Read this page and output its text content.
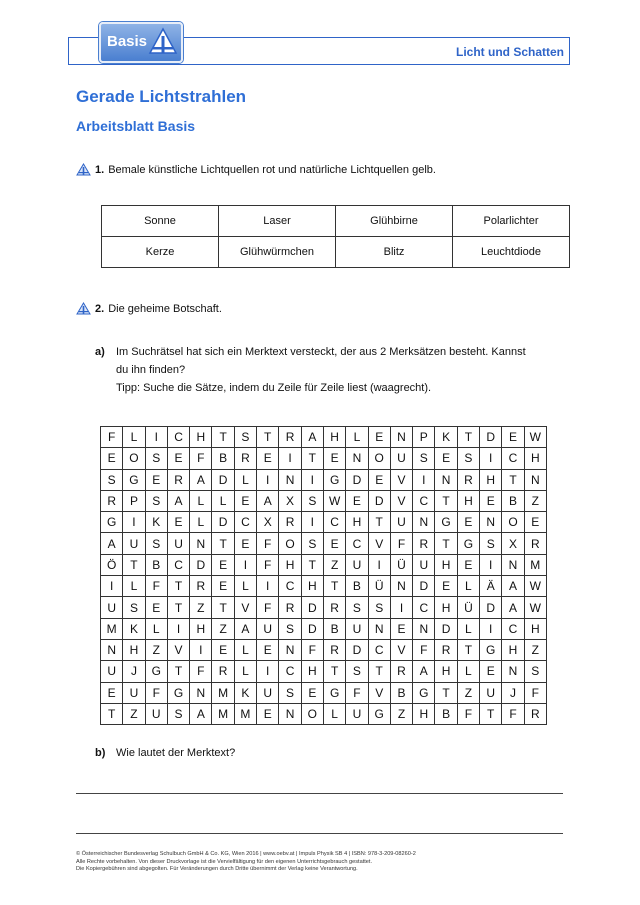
Basis
Licht und Schatten
Gerade Lichtstrahlen
Arbeitsblatt Basis
1. Bemale künstliche Lichtquellen rot und natürliche Lichtquellen gelb.
Sonne	Laser	Glühbirne	Polarlichter
Kerze	Glühwürmchen	Blitz	Leuchtdiode
2. Die geheime Botschaft.
a) Im Suchrätsel hat sich ein Merktext versteckt, der aus 2 Merksätzen besteht. Kannst
du ihn finden?
Tipp: Suche die Sätze, indem du Zeile für Zeile liest (waagrecht).
F	L	I	C	H	T	S	T	R	A	H	L	E	N	P	K	T	D	E	W
E	O	S	E	F	B	R	E	I	T	E	N	O	U	S	E	S	I	C	H
S	G	E	R	A	D	L	I	N	I	G	D	E	V	I	N	R	H	T	N
R	P	S	A	L	L	E	A	X	S	W	E	D	V	C	T	H	E	B	Z
G	I	K	E	L	D	C	X	R	I	C	H	T	U	N	G	E	N	O	E
A	U	S	U	N	T	E	F	O	S	E	C	V	F	R	T	G	S	X	R
Ö	T	B	C	D	E	I	F	H	T	Z	U	I	Ü	U	H	E	I	N	M
I	L	F	T	R	E	L	I	C	H	T	B	Ü	N	D	E	L	Ä	A	W
U	S	E	T	Z	T	V	F	R	D	R	S	S	I	C	H	Ü	D	A	W
M	K	L	I	H	Z	A	U	S	D	B	U	N	E	N	D	L	I	C	H
N	H	Z	V	I	E	L	E	N	F	R	D	C	V	F	R	T	G	H	Z
U	J	G	T	F	R	L	I	C	H	T	S	T	R	A	H	L	E	N	S
E	U	F	G	N	M	K	U	S	E	G	F	V	B	G	T	Z	U	J	F
T	Z	U	S	A	M	M	E	N	O	L	U	G	Z	H	B	F	T	F	R
b) Wie lautet der Merktext?
© Österreichischer Bundesverlag Schulbuch GmbH & Co. KG, Wien 2016 | www.oebv.at | Impuls Physik SB 4 | ISBN: 978-3-209-08260-2
Alle Rechte vorbehalten. Von dieser Druckvorlage ist die Vervielfältigung für den eigenen Unterrichtsgebrauch gestattet.
Die Kopiergebühren sind abgegolten. Für Veränderungen durch Dritte übernimmt der Verlag keine Verantwortung.
